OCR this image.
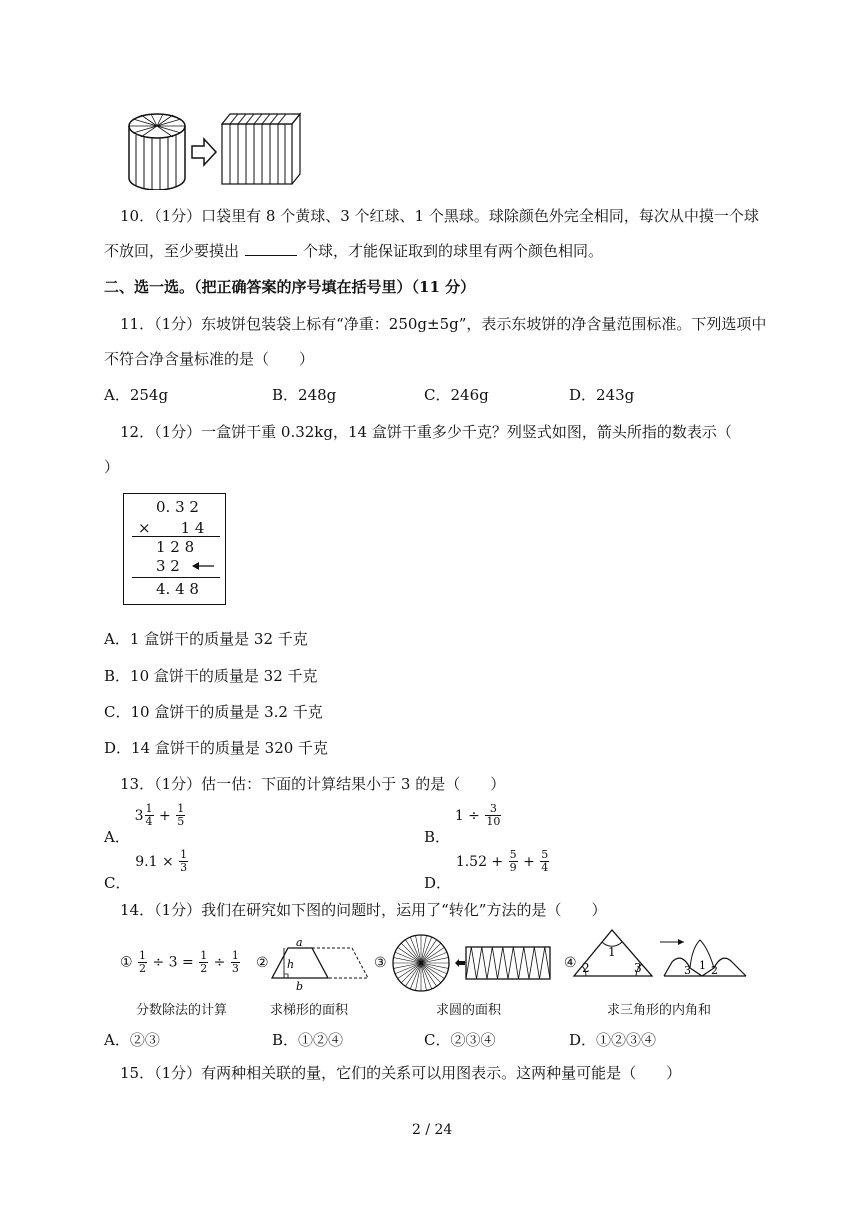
10．（1分）口袋里有 8 个黄球、3 个红球、1 个黑球。球除颜色外完全相同，每次从中摸一个球
不放回，至少要摸出	个球，才能保证取到的球里有两个颜色相同。
二、选一选。（把正确答案的序号填在括号里）（11 分）
11．（1分）东坡饼包装袋上标有“净重：250g±5g”，表示东坡饼的净含量范围标准。下列选项中
不符合净含量标准的是（　　）
A．254g	B．248g	C．246g	D．243g
12．（1分）一盒饼干重 0.32kg，14 盒饼干重多少千克？列竖式如图，箭头所指的数表示（
）
0. 3 2
×　　1 4
1 2 8
3 2
4. 4 8
A．1 盒饼干的质量是 32 千克
B．10 盒饼干的质量是 32 千克
C．10 盒饼干的质量是 3.2 千克
D．14 盒饼干的质量是 320 千克
13．（1分）估一估：下面的计算结果小于 3 的是（　　）
A． $3 \frac{1}{4} + \frac{1}{5}$
B． $1 \div \frac{3}{10}$
C． $9.1 \times \frac{1}{3}$
D． $1.52 + \frac{5}{9} + \frac{5}{4}$
14．（1分）我们在研究如下图的问题时，运用了“转化”方法的是（　　）
① $\frac{1}{2} \div 3 = \frac{1}{2} \div \frac{1}{3}$ ②
a
h
b
③	④
1
2	3	3 1 2
分数除法的计算	求梯形的面积	求圆的面积	求三角形的内角和
A．②③	B．①②④	C．②③④	D．①②③④
15．（1分）有两种相关联的量，它们的关系可以用图表示。这两种量可能是（　　）
2 / 24
